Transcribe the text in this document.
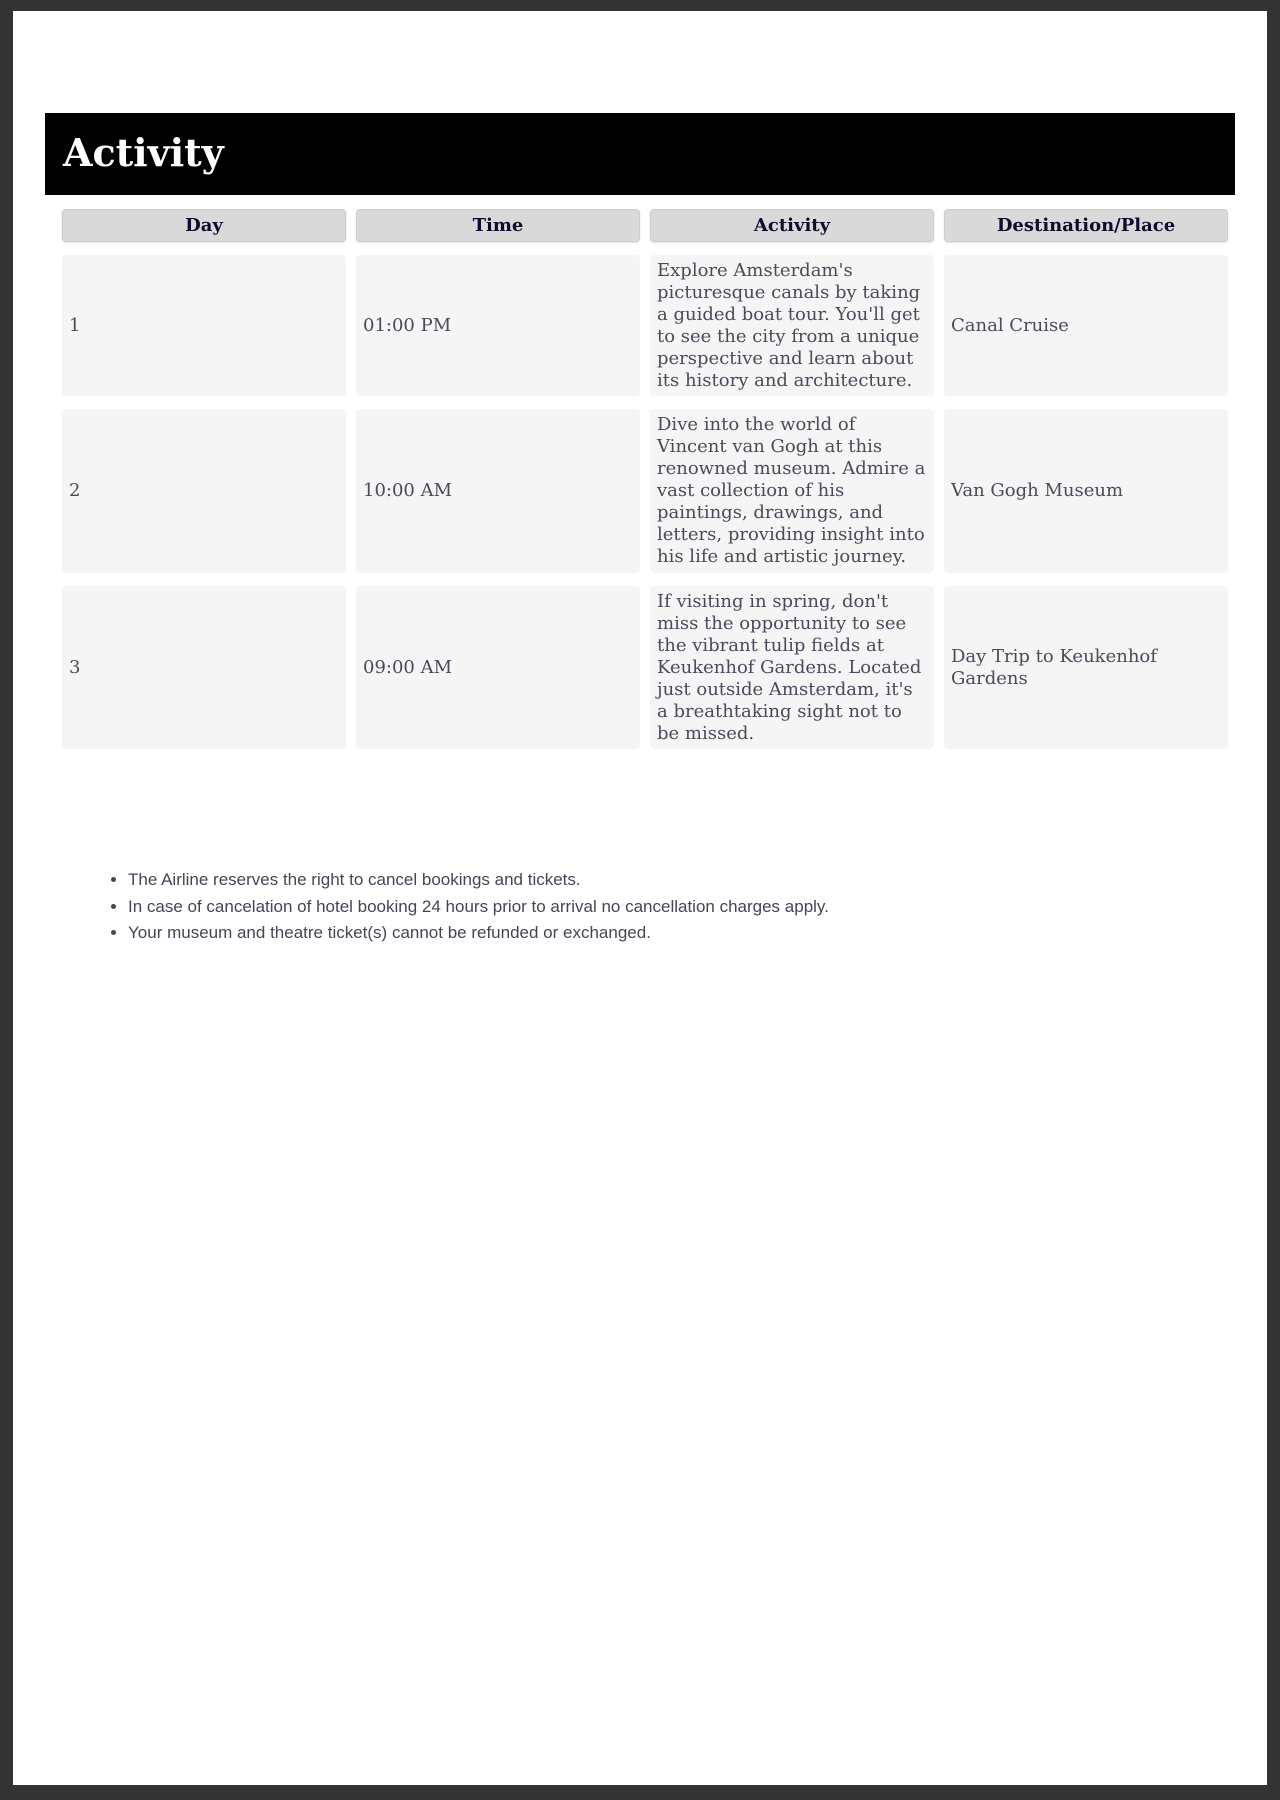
Activity
Day	Time	Activity	Destination/Place

1	01:00 PM	Explore Amsterdam's picturesque canals by taking a guided boat tour. You'll get to see the city from a unique perspective and learn about its history and architecture.	Canal Cruise

2	10:00 AM	Dive into the world of Vincent van Gogh at this renowned museum. Admire a vast collection of his paintings, drawings, and letters, providing insight into his life and artistic journey.	Van Gogh Museum

3	09:00 AM	If visiting in spring, don't miss the opportunity to see the vibrant tulip fields at Keukenhof Gardens. Located just outside Amsterdam, it's a breathtaking sight not to be missed.	Day Trip to Keukenhof Gardens
• The Airline reserves the right to cancel bookings and tickets.
• In case of cancelation of hotel booking 24 hours prior to arrival no cancellation charges apply.
• Your museum and theatre ticket(s) cannot be refunded or exchanged.
